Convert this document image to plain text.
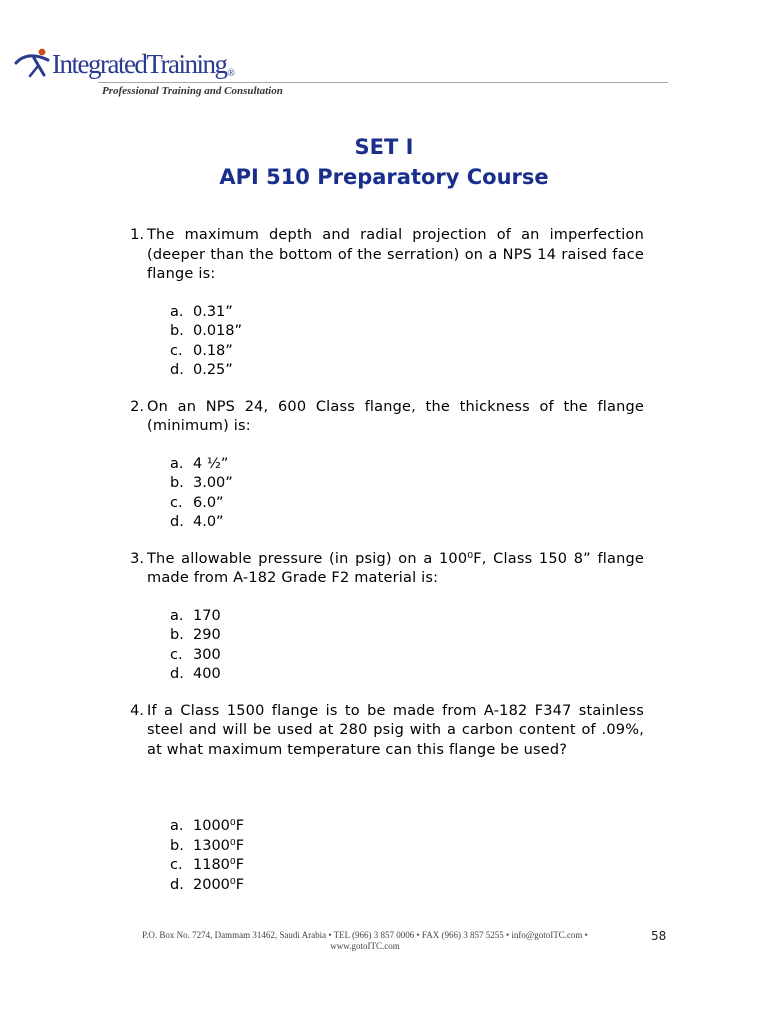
IntegratedTraining®
Professional Training and Consultation
SET I
API 510 Preparatory Course
1. The maximum depth and radial projection of an imperfection (deeper than the bottom of the serration) on a NPS 14 raised face flange is:
a. 0.31”
b. 0.018”
c. 0.18”
d. 0.25”
2. On an NPS 24, 600 Class flange, the thickness of the flange (minimum) is:
a. 4 ½”
b. 3.00”
c. 6.0”
d. 4.0”
3. The allowable pressure (in psig) on a 100⁰F, Class 150 8” flange made from A-182 Grade F2 material is:
a. 170
b. 290
c. 300
d. 400
4. If a Class 1500 flange is to be made from A-182 F347 stainless steel and will be used at 280 psig with a carbon content of .09%, at what maximum temperature can this flange be used?
a. 1000⁰F
b. 1300⁰F
c. 1180⁰F
d. 2000⁰F
P.O. Box No. 7274, Dammam 31462, Saudi Arabia • TEL (966) 3 857 0006 • FAX (966) 3 857 5255 • info@gotoITC.com •
www.gotoITC.com
58
